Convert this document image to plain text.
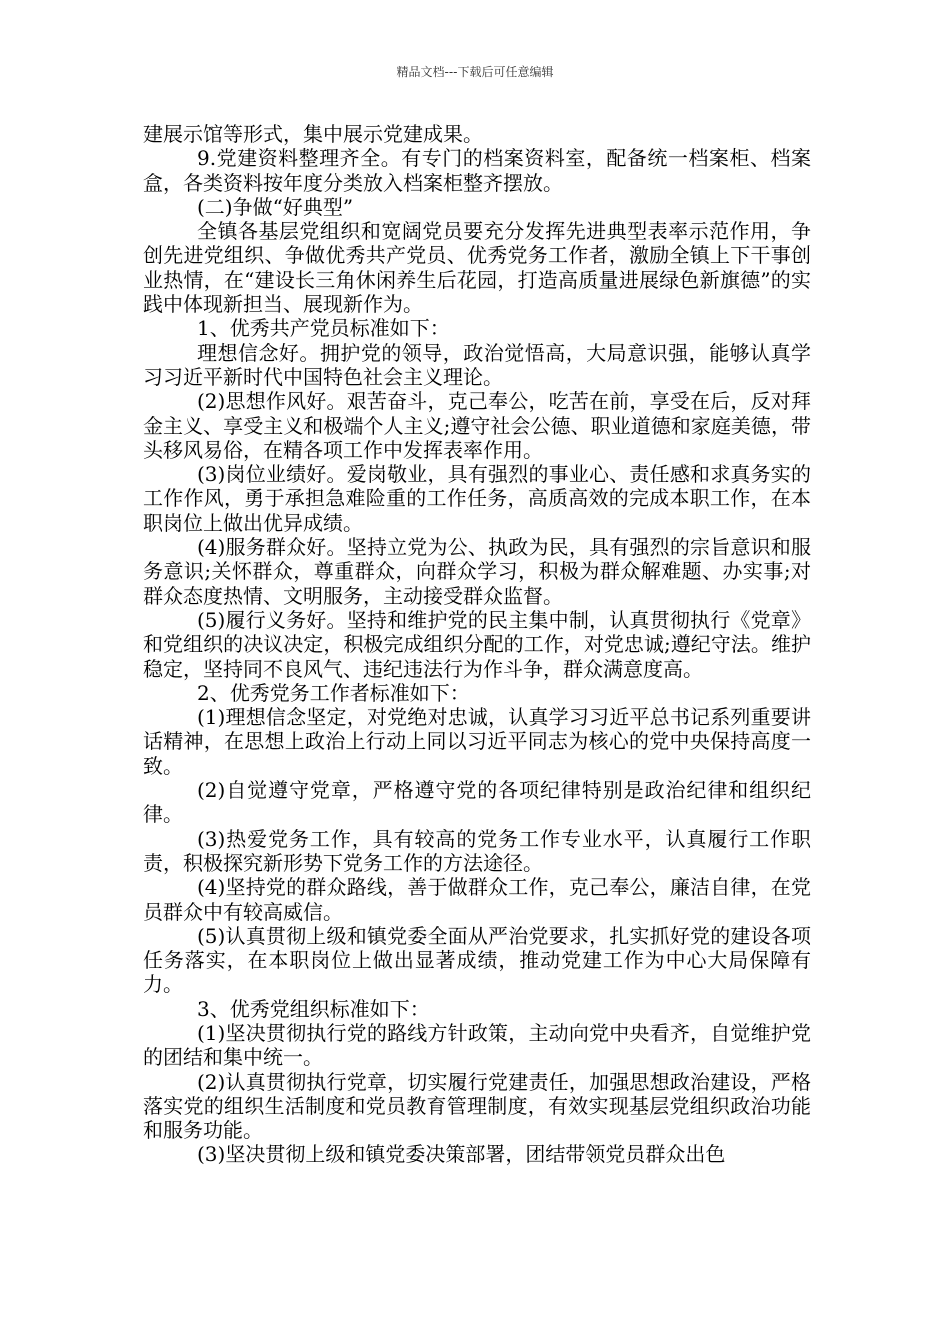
精品文档---下载后可任意编辑

建展示馆等形式，集中展示党建成果。

9.党建资料整理齐全。有专门的档案资料室，配备统一档案柜、档案盒，各类资料按年度分类放入档案柜整齐摆放。

(二)争做“好典型”

全镇各基层党组织和宽阔党员要充分发挥先进典型表率示范作用，争创先进党组织、争做优秀共产党员、优秀党务工作者，激励全镇上下干事创业热情，在“建设长三角休闲养生后花园，打造高质量进展绿色新旗德”的实践中体现新担当、展现新作为。

1、优秀共产党员标准如下：

理想信念好。拥护党的领导，政治觉悟高，大局意识强，能够认真学习习近平新时代中国特色社会主义理论。

(2)思想作风好。艰苦奋斗，克己奉公，吃苦在前，享受在后，反对拜金主义、享受主义和极端个人主义;遵守社会公德、职业道德和家庭美德，带头移风易俗，在精各项工作中发挥表率作用。

(3)岗位业绩好。爱岗敬业，具有强烈的事业心、责任感和求真务实的工作作风，勇于承担急难险重的工作任务，高质高效的完成本职工作，在本职岗位上做出优异成绩。

(4)服务群众好。坚持立党为公、执政为民，具有强烈的宗旨意识和服务意识;关怀群众，尊重群众，向群众学习，积极为群众解难题、办实事;对群众态度热情、文明服务，主动接受群众监督。

(5)履行义务好。坚持和维护党的民主集中制，认真贯彻执行《党章》和党组织的决议决定，积极完成组织分配的工作，对党忠诚;遵纪守法。维护稳定，坚持同不良风气、违纪违法行为作斗争，群众满意度高。

2、优秀党务工作者标准如下：

(1)理想信念坚定，对党绝对忠诚，认真学习习近平总书记系列重要讲话精神，在思想上政治上行动上同以习近平同志为核心的党中央保持高度一致。

(2)自觉遵守党章，严格遵守党的各项纪律特别是政治纪律和组织纪律。

(3)热爱党务工作，具有较高的党务工作专业水平，认真履行工作职责，积极探究新形势下党务工作的方法途径。

(4)坚持党的群众路线，善于做群众工作，克己奉公，廉洁自律，在党员群众中有较高威信。

(5)认真贯彻上级和镇党委全面从严治党要求，扎实抓好党的建设各项任务落实，在本职岗位上做出显著成绩，推动党建工作为中心大局保障有力。

3、优秀党组织标准如下：

(1)坚决贯彻执行党的路线方针政策，主动向党中央看齐，自觉维护党的团结和集中统一。

(2)认真贯彻执行党章，切实履行党建责任，加强思想政治建设，严格落实党的组织生活制度和党员教育管理制度，有效实现基层党组织政治功能和服务功能。

(3)坚决贯彻上级和镇党委决策部署，团结带领党员群众出色
